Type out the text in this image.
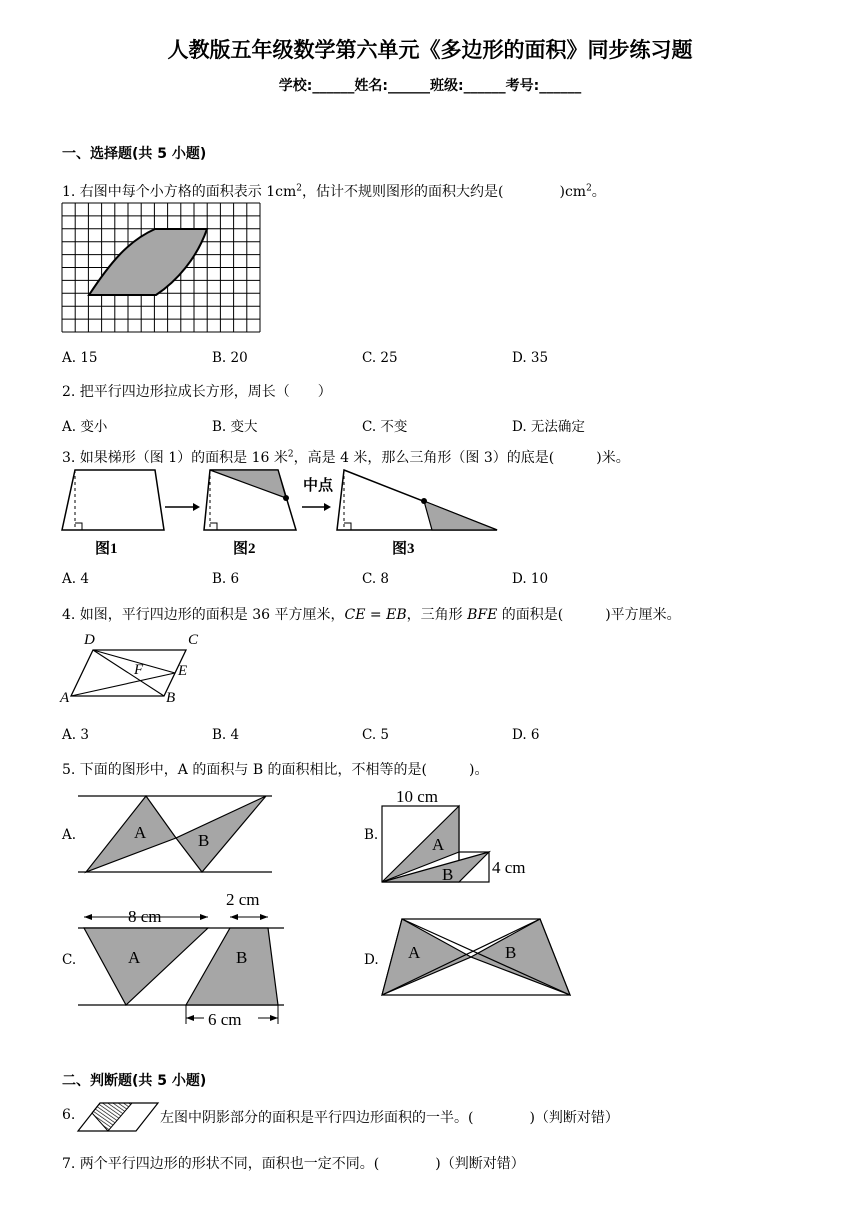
人教版五年级数学第六单元《多边形的面积》同步练习题
学校:______姓名:______班级:______考号:______
一、选择题(共 5 小题)
1. 右图中每个小方格的面积表示 $1cm^2$，估计不规则图形的面积大约是(　　　　)$cm^2$。
A. 15	B. 20	C. 25	D. 35
2. 把平行四边形拉成长方形，周长（　　）
A. 变小	B. 变大	C. 不变	D. 无法确定
3. 如果梯形（图 1）的面积是 16 米$^2$，高是 4 米，那么三角形（图 3）的底是(　　　)米。
中点
图1	图2	图3
A. 4	B. 6	C. 8	D. 10
4. 如图，平行四边形的面积是 36 平方厘米，CE = EB，三角形 BFE 的面积是(　　　)平方厘米。
D	C
F E
A	B
A. 3	B. 4	C. 5	D. 6
5. 下面的图形中，A 的面积与 B 的面积相比，不相等的是(　　　)。
A.	B.
C.	D.
A	B
10 cm
A
B 4 cm
8 cm
2 cm
A	B
6 cm
A	B
二、判断题(共 5 小题)
6.	左图中阴影部分的面积是平行四边形面积的一半。(　　　　)（判断对错）
7. 两个平行四边形的形状不同，面积也一定不同。(　　　　)（判断对错）
